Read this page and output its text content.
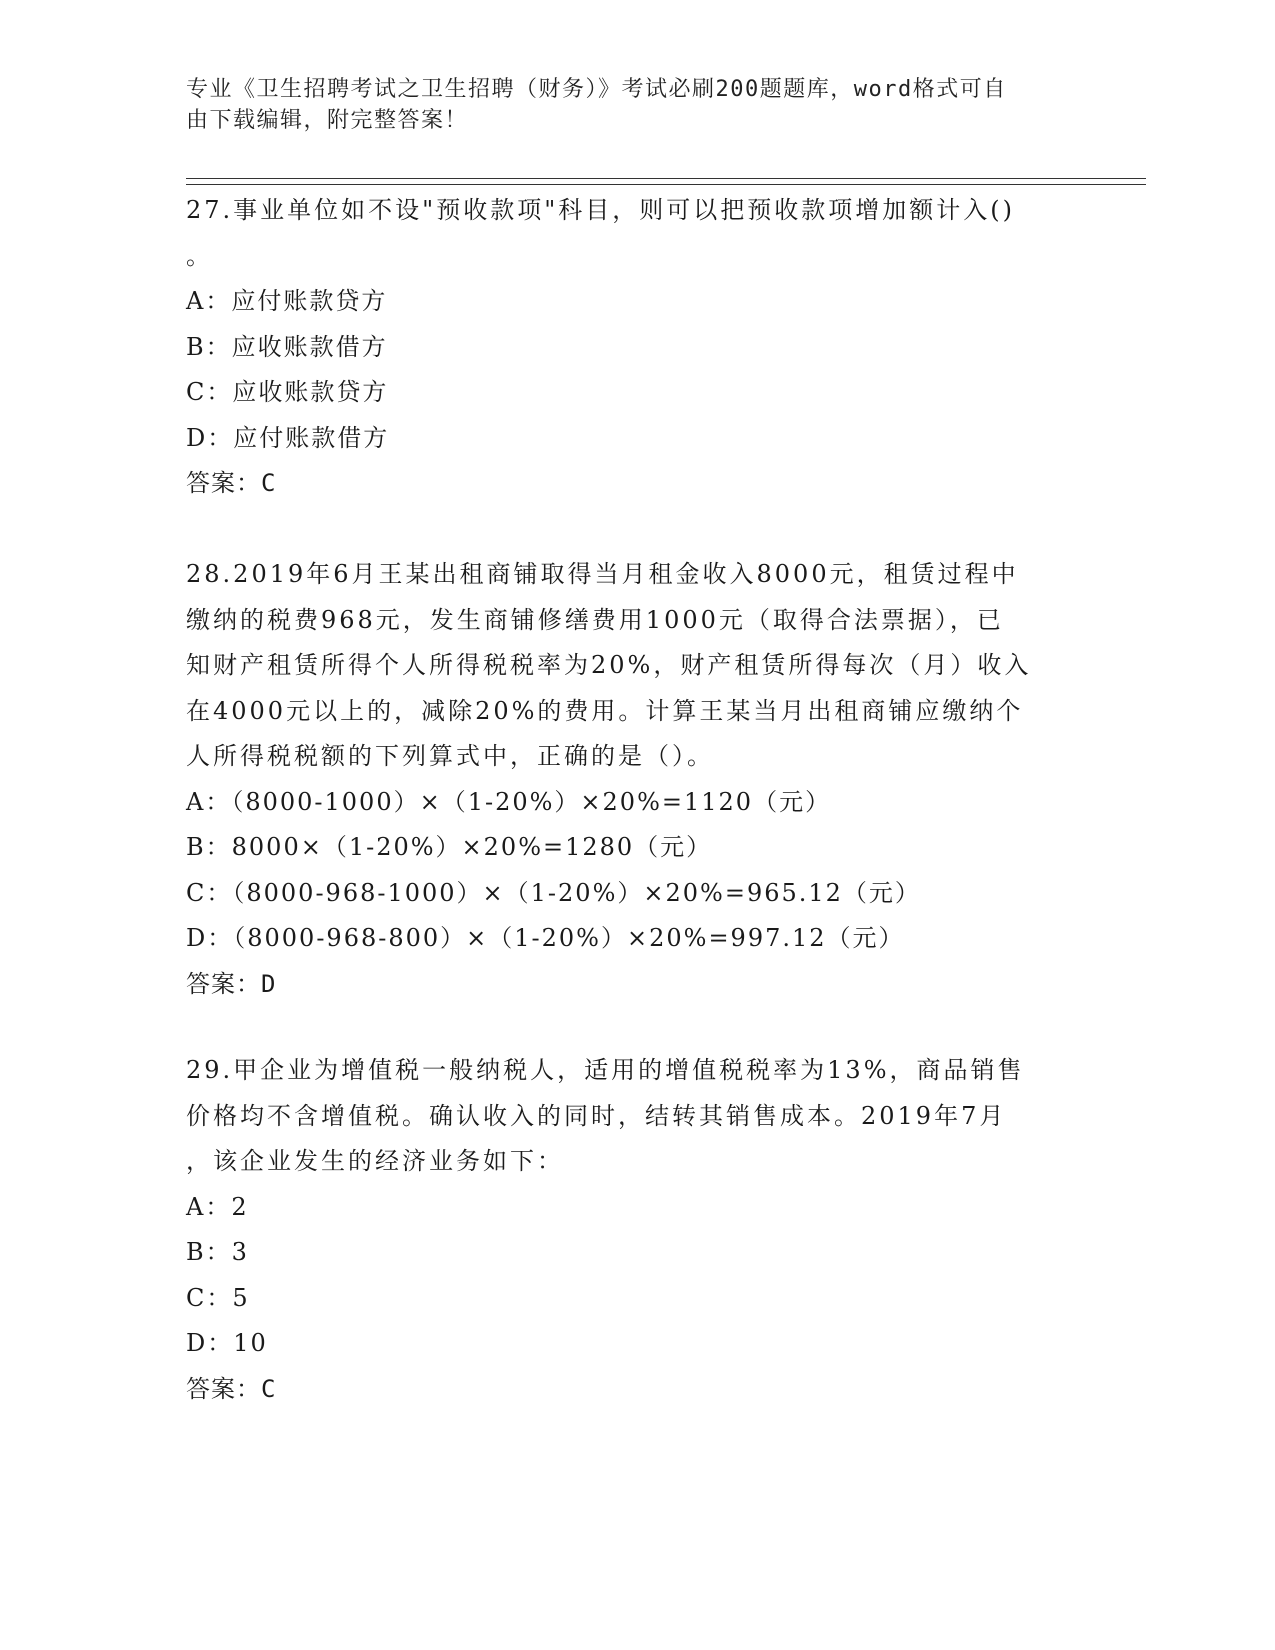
专业《卫生招聘考试之卫生招聘（财务）》考试必刷200题题库，word格式可自
由下载编辑，附完整答案！
27.事业单位如不设"预收款项"科目，则可以把预收款项增加额计入()
。
A：应付账款贷方
B：应收账款借方
C：应收账款贷方
D：应付账款借方
答案：C
28.2019年6月王某出租商铺取得当月租金收入8000元，租赁过程中
缴纳的税费968元，发生商铺修缮费用1000元（取得合法票据），已
知财产租赁所得个人所得税税率为20%，财产租赁所得每次（月）收入
在4000元以上的，减除20%的费用。计算王某当月出租商铺应缴纳个
人所得税税额的下列算式中，正确的是（）。
A：（8000-1000）×（1-20%）×20%=1120（元）
B：8000×（1-20%）×20%=1280（元）
C：（8000-968-1000）×（1-20%）×20%=965.12（元）
D：（8000-968-800）×（1-20%）×20%=997.12（元）
答案：D
29.甲企业为增值税一般纳税人，适用的增值税税率为13%，商品销售
价格均不含增值税。确认收入的同时，结转其销售成本。2019年7月
，该企业发生的经济业务如下：
A：2
B：3
C：5
D：10
答案：C
